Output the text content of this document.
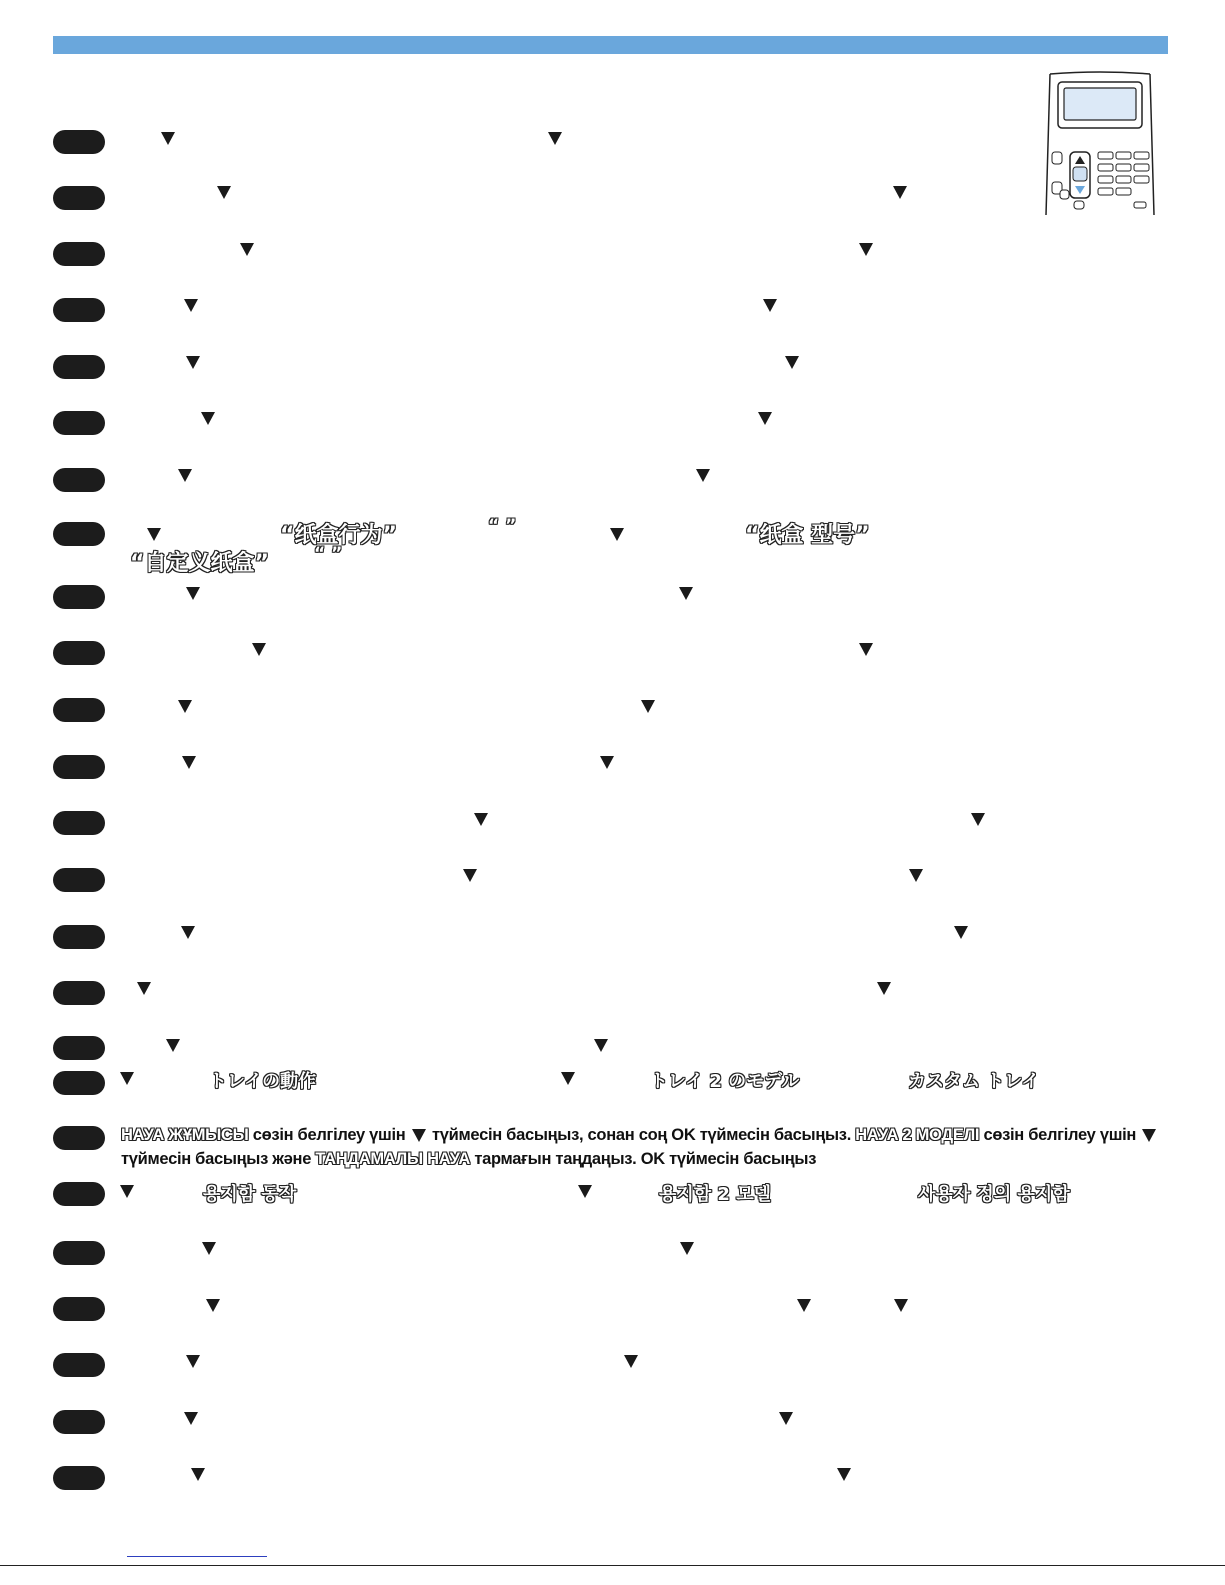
“纸盒行为”	“ ”	“纸盒 型号”
“自定义纸盒”	“ ”
トレイの動作	トレイ 2 のモデル	カスタム トレイ
НАУА ЖҰМЫСЫ сөзін белгілеу үшін  түймесін басыңыз, сонан соң OK түймесін басыңыз. НАУА 2 МОДЕЛІ сөзін белгілеу үшін
түймесін басыңыз және ТАҢДАМАЛЫ НАУА тармағын таңдаңыз. OK түймесін басыңыз
용지함 동작	용지함 2 모델	사용자 정의 용지함
